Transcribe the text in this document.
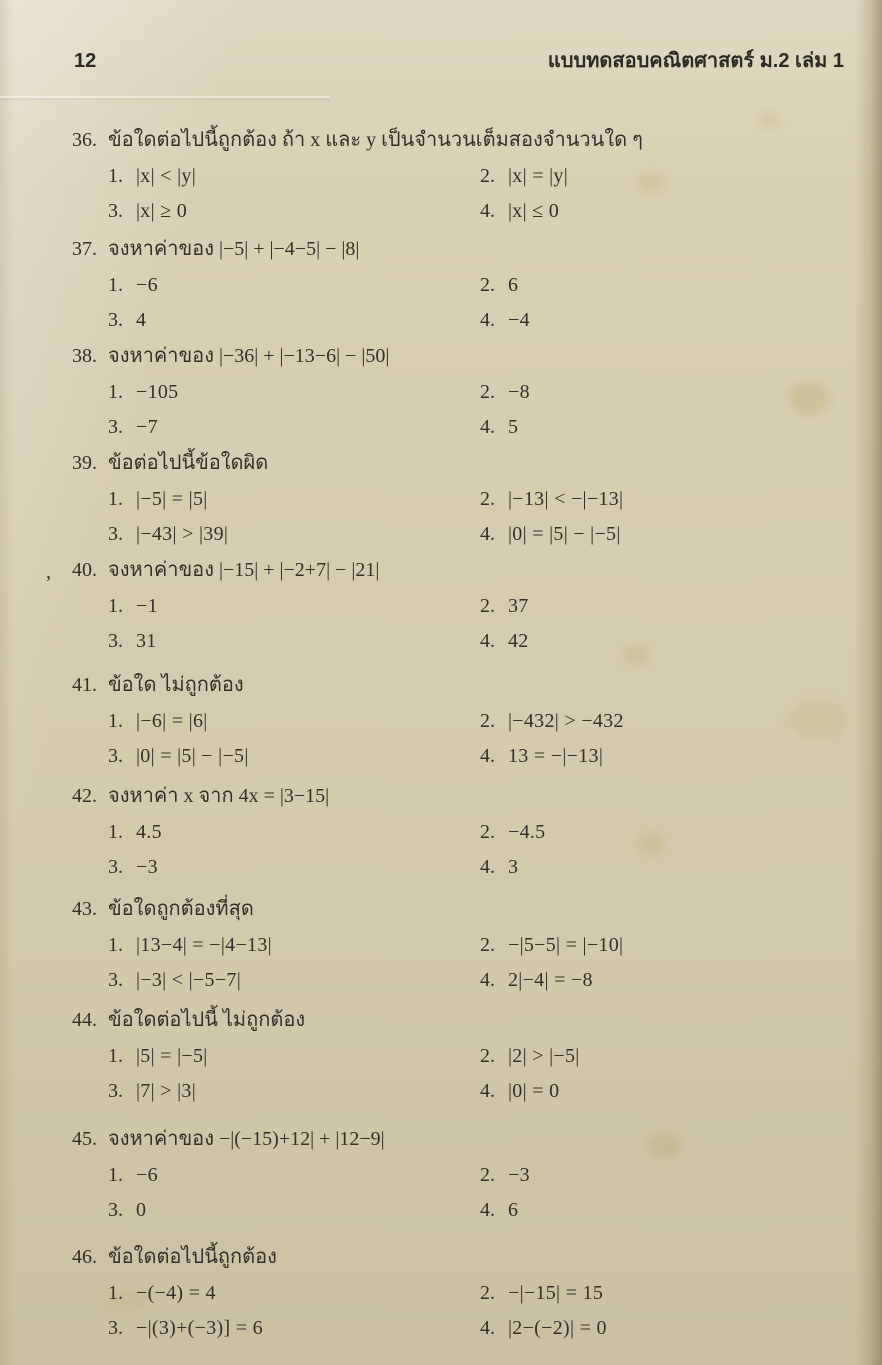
12	แบบทดสอบคณิตศาสตร์ ม.2 เล่ม 1
36. ข้อใดต่อไปนี้ถูกต้อง ถ้า x และ y เป็นจำนวนเต็มสองจำนวนใด ๆ
1. |x| < |y|	2. |x| = |y|
3. |x| ≥ 0	4. |x| ≤ 0
37. จงหาค่าของ |−5| + |−4−5| − |8|
1. −6	2. 6
3. 4	4. −4
38. จงหาค่าของ |−36| + |−13−6| − |50|
1. −105	2. −8
3. −7	4. 5
39. ข้อต่อไปนี้ข้อใดผิด
1. |−5| = |5|	2. |−13| < −|−13|
3. |−43| > |39|	4. |0| = |5| − |−5|
, 40. จงหาค่าของ |−15| + |−2+7| − |21|
1. −1	2. 37
3. 31	4. 42
41. ข้อใด ไม่ถูกต้อง
1. |−6| = |6|	2. |−432| > −432
3. |0| = |5| − |−5|	4. 13 = −|−13|
42. จงหาค่า x จาก 4x = |3−15|
1. 4.5	2. −4.5
3. −3	4. 3
43. ข้อใดถูกต้องที่สุด
1. |13−4| = −|4−13|	2. −|5−5| = |−10|
3. |−3| < |−5−7|	4. 2|−4| = −8
44. ข้อใดต่อไปนี้ ไม่ถูกต้อง
1. |5| = |−5|	2. |2| > |−5|
3. |7| > |3|	4. |0| = 0
45. จงหาค่าของ −|(−15)+12| + |12−9|
1. −6	2. −3
3. 0	4. 6
46. ข้อใดต่อไปนี้ถูกต้อง
1. −(−4) = 4	2. −|−15| = 15
3. −|(3)+(−3)] = 6	4. |2−(−2)| = 0
